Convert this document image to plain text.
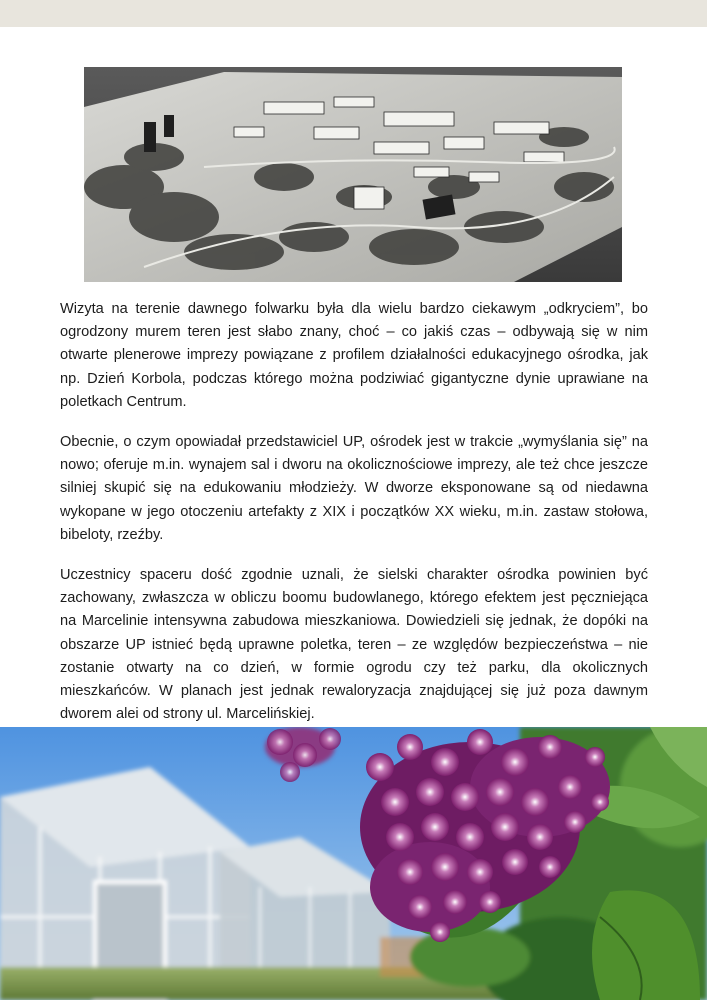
Wizyta na terenie dawnego folwarku była dla wielu bardzo ciekawym „odkryciem”, bo ogrodzony murem teren jest słabo znany, choć – co jakiś czas – odbywają się w nim otwarte plenerowe imprezy powiązane z profilem działalności edukacyjnego ośrodka, jak np. Dzień Korbola, podczas którego można podziwiać gigantyczne dynie uprawiane na poletkach Centrum.

Obecnie, o czym opowiadał przedstawiciel UP, ośrodek jest w trakcie „wymyślania się” na nowo; oferuje m.in. wynajem sal i dworu na okolicznościowe imprezy, ale też chce jeszcze silniej skupić się na edukowaniu młodzieży. W dworze eksponowane są od niedawna wykopane w jego otoczeniu artefakty z XIX i początków XX wieku, m.in. zastaw stołowa, bibeloty, rzeźby.

Uczestnicy spaceru dość zgodnie uznali, że sielski charakter ośrodka powinien być zachowany, zwłaszcza w obliczu boomu budowlanego, którego efektem jest pęczniejąca na Marcelinie intensywna zabudowa mieszkaniowa. Dowiedzieli się jednak, że dopóki na obszarze UP istnieć będą uprawne poletka, teren – ze względów bezpieczeństwa – nie zostanie otwarty na co dzień, w formie ogrodu czy też parku, dla okolicznych mieszkańców. W planach jest jednak rewaloryzacja znajdującej się już poza dawnym dworem alei od strony ul. Marcelińskiej.
